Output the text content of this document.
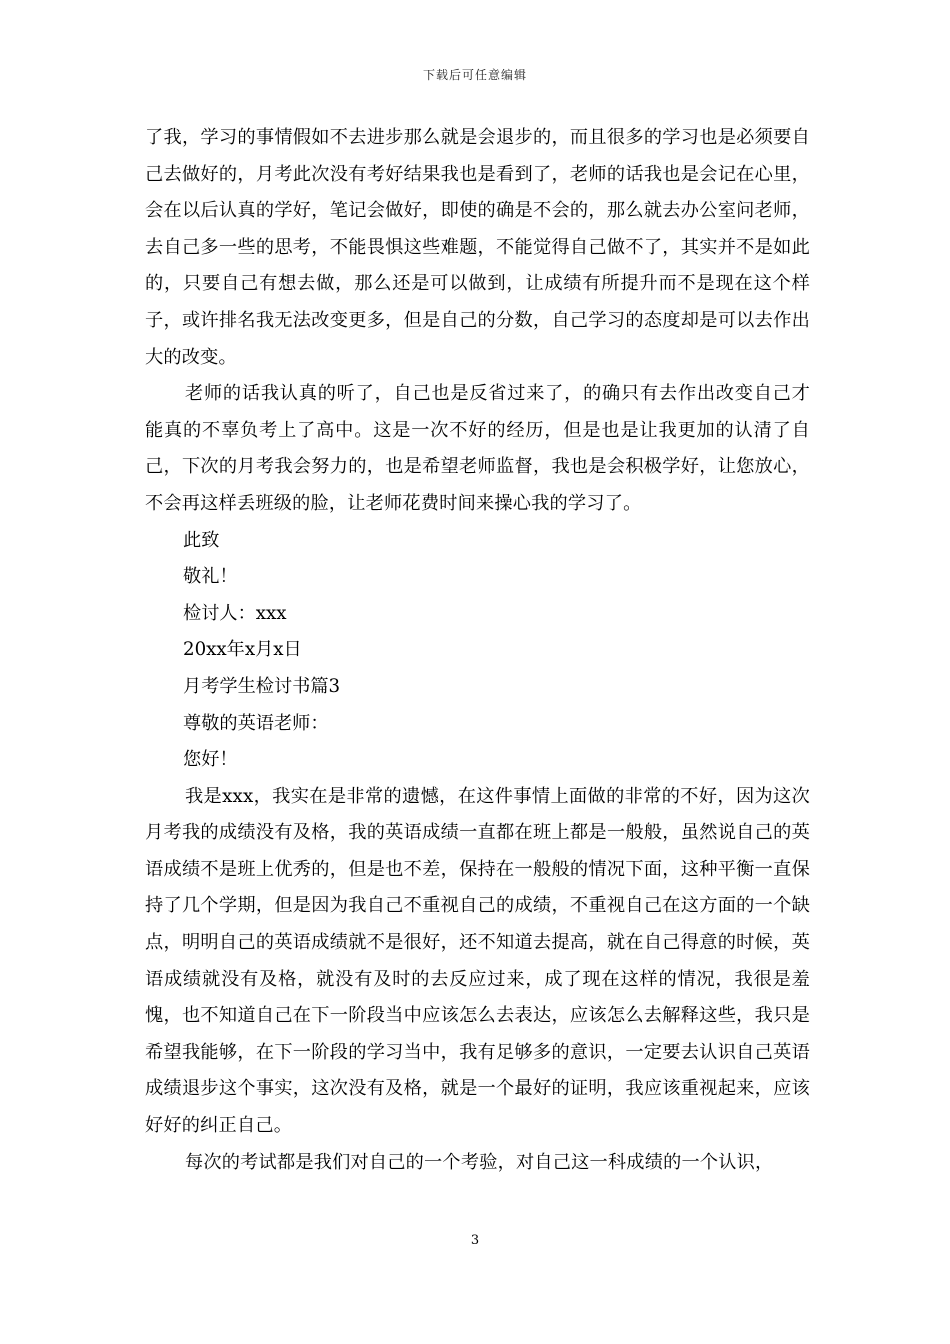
下载后可任意编辑

了我，学习的事情假如不去进步那么就是会退步的，而且很多的学习也是必须要自己去做好的，月考此次没有考好结果我也是看到了，老师的话我也是会记在心里，会在以后认真的学好，笔记会做好，即使的确是不会的，那么就去办公室问老师，去自己多一些的思考，不能畏惧这些难题，不能觉得自己做不了，其实并不是如此的，只要自己有想去做，那么还是可以做到，让成绩有所提升而不是现在这个样子，或许排名我无法改变更多，但是自己的分数，自己学习的态度却是可以去作出大的改变。

老师的话我认真的听了，自己也是反省过来了，的确只有去作出改变自己才能真的不辜负考上了高中。这是一次不好的经历，但是也是让我更加的认清了自己，下次的月考我会努力的，也是希望老师监督，我也是会积极学好，让您放心，不会再这样丢班级的脸，让老师花费时间来操心我的学习了。

此致

敬礼！

检讨人：xxx

20xx年x月x日

月考学生检讨书篇3

尊敬的英语老师：

您好！

我是xxx，我实在是非常的遗憾，在这件事情上面做的非常的不好，因为这次月考我的成绩没有及格，我的英语成绩一直都在班上都是一般般，虽然说自己的英语成绩不是班上优秀的，但是也不差，保持在一般般的情况下面，这种平衡一直保持了几个学期，但是因为我自己不重视自己的成绩，不重视自己在这方面的一个缺点，明明自己的英语成绩就不是很好，还不知道去提高，就在自己得意的时候，英语成绩就没有及格，就没有及时的去反应过来，成了现在这样的情况，我很是羞愧，也不知道自己在下一阶段当中应该怎么去表达，应该怎么去解释这些，我只是希望我能够，在下一阶段的学习当中，我有足够多的意识，一定要去认识自己英语成绩退步这个事实，这次没有及格，就是一个最好的证明，我应该重视起来，应该好好的纠正自己。

每次的考试都是我们对自己的一个考验，对自己这一科成绩的一个认识，

3
